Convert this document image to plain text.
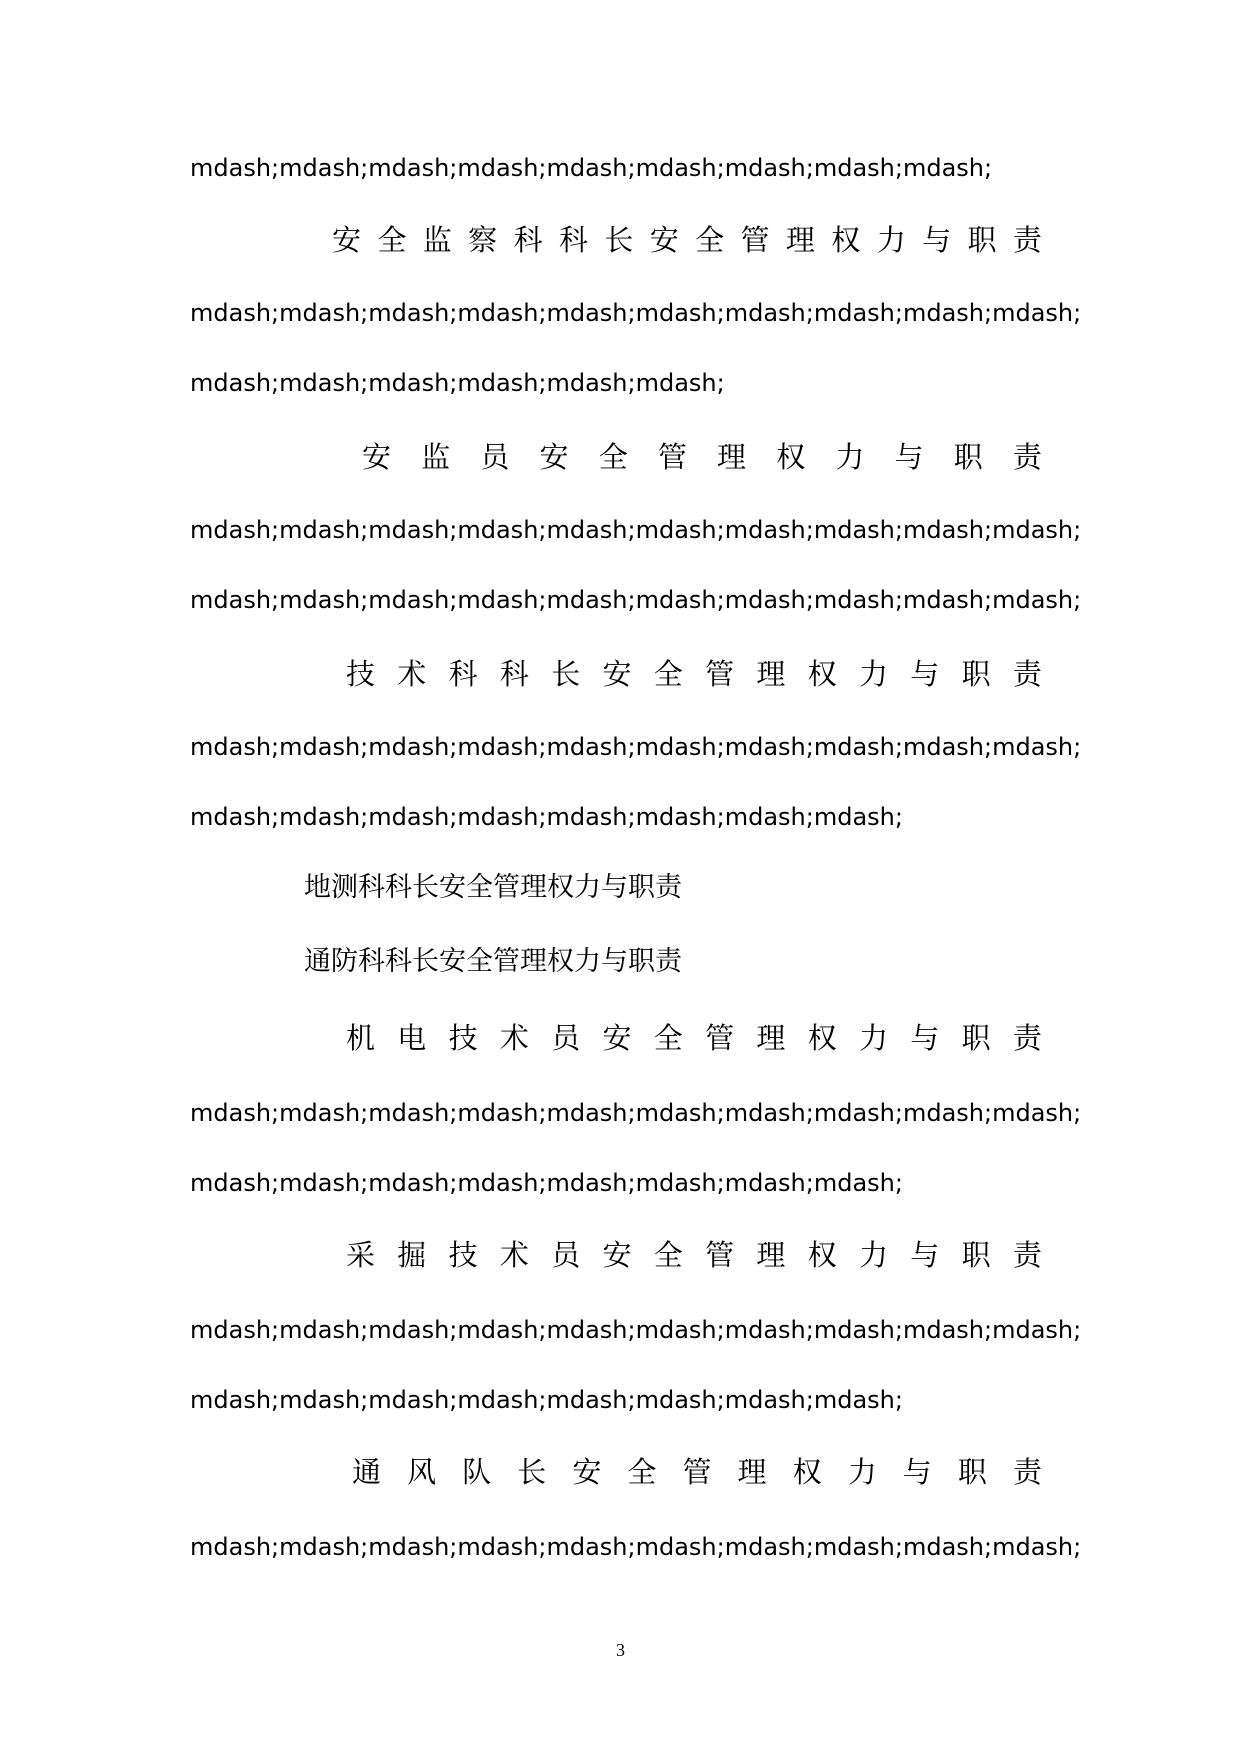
mdash;mdash;mdash;mdash;mdash;mdash;mdash;mdash;mdash;
安 全 监 察 科 科 长 安 全 管 理 权 力 与 职 责
mdash;mdash;mdash;mdash;mdash;mdash;mdash;mdash;mdash;mdash;
mdash;mdash;mdash;mdash;mdash;mdash;
安 监 员 安 全 管 理 权 力 与 职 责
mdash;mdash;mdash;mdash;mdash;mdash;mdash;mdash;mdash;mdash;
mdash;mdash;mdash;mdash;mdash;mdash;mdash;mdash;mdash;mdash;
技 术 科 科 长 安 全 管 理 权 力 与 职 责
mdash;mdash;mdash;mdash;mdash;mdash;mdash;mdash;mdash;mdash;
mdash;mdash;mdash;mdash;mdash;mdash;mdash;mdash;
地测科科长安全管理权力与职责
通防科科长安全管理权力与职责
机 电 技 术 员 安 全 管 理 权 力 与 职 责
mdash;mdash;mdash;mdash;mdash;mdash;mdash;mdash;mdash;mdash;
mdash;mdash;mdash;mdash;mdash;mdash;mdash;mdash;
采 掘 技 术 员 安 全 管 理 权 力 与 职 责
mdash;mdash;mdash;mdash;mdash;mdash;mdash;mdash;mdash;mdash;
mdash;mdash;mdash;mdash;mdash;mdash;mdash;mdash;
通 风 队 长 安 全 管 理 权 力 与 职 责
mdash;mdash;mdash;mdash;mdash;mdash;mdash;mdash;mdash;mdash;
3
